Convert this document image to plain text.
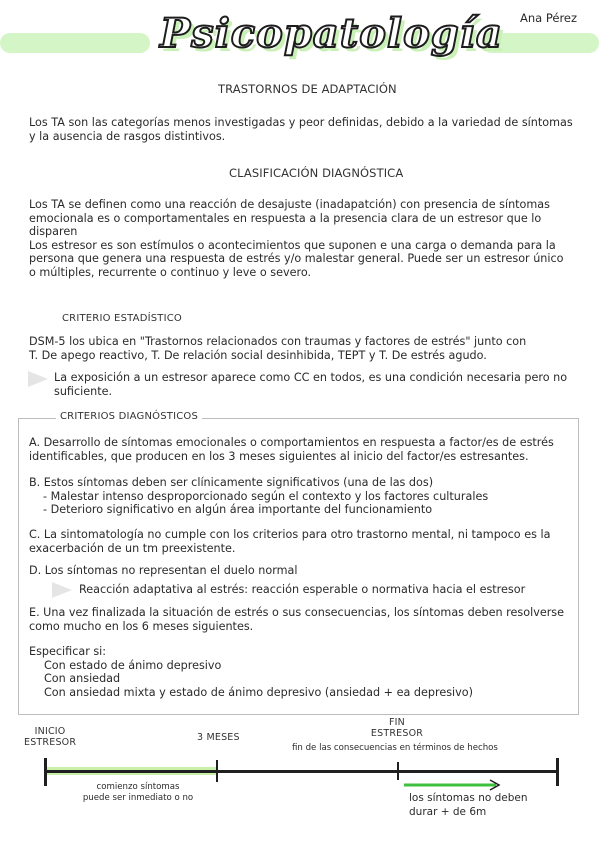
Psicopatología Ana Pérez
TRASTORNOS DE ADAPTACIÓN
Los TA son las categorías menos investigadas y peor definidas, debido a la variedad de síntomas
y la ausencia de rasgos distintivos.
CLASIFICACIÓN DIAGNÓSTICA
Los TA se definen como una reacción de desajuste (inadapatción) con presencia de síntomas
emocionala es o comportamentales en respuesta a la presencia clara de un estresor que lo
disparen
Los estresor es son estímulos o acontecimientos que suponen e una carga o demanda para la
persona que genera una respuesta de estrés y/o malestar general. Puede ser un estresor único
o múltiples, recurrente o continuo y leve o severo.
CRITERIO ESTADÍSTICO
DSM-5 los ubica en "Trastornos relacionados con traumas y factores de estrés" junto con
T. De apego reactivo, T. De relación social desinhibida, TEPT y T. De estrés agudo.
La exposición a un estresor aparece como CC en todos, es una condición necesaria pero no
suficiente.
CRITERIOS DIAGNÓSTICOS
A. Desarrollo de síntomas emocionales o comportamientos en respuesta a factor/es de estrés
identificables, que producen en los 3 meses siguientes al inicio del factor/es estresantes.
B. Estos síntomas deben ser clínicamente significativos (una de las dos)
- Malestar intenso desproporcionado según el contexto y los factores culturales
- Deterioro significativo en algún área importante del funcionamiento
C. La sintomatología no cumple con los criterios para otro trastorno mental, ni tampoco es la
exacerbación de un tm preexistente.
D. Los síntomas no representan el duelo normal
Reacción adaptativa al estrés: reacción esperable o normativa hacia el estresor
E. Una vez finalizada la situación de estrés o sus consecuencias, los síntomas deben resolverse
como mucho en los 6 meses siguientes.
Especificar si:
Con estado de ánimo depresivo
Con ansiedad
Con ansiedad mixta y estado de ánimo depresivo (ansiedad + ea depresivo)
INICIO
ESTRESOR	3 MESES
FIN
ESTRESOR
fin de las consecuencias en términos de hechos
comienzo síntomas
puede ser inmediato o no	los síntomas no deben
durar + de 6m
